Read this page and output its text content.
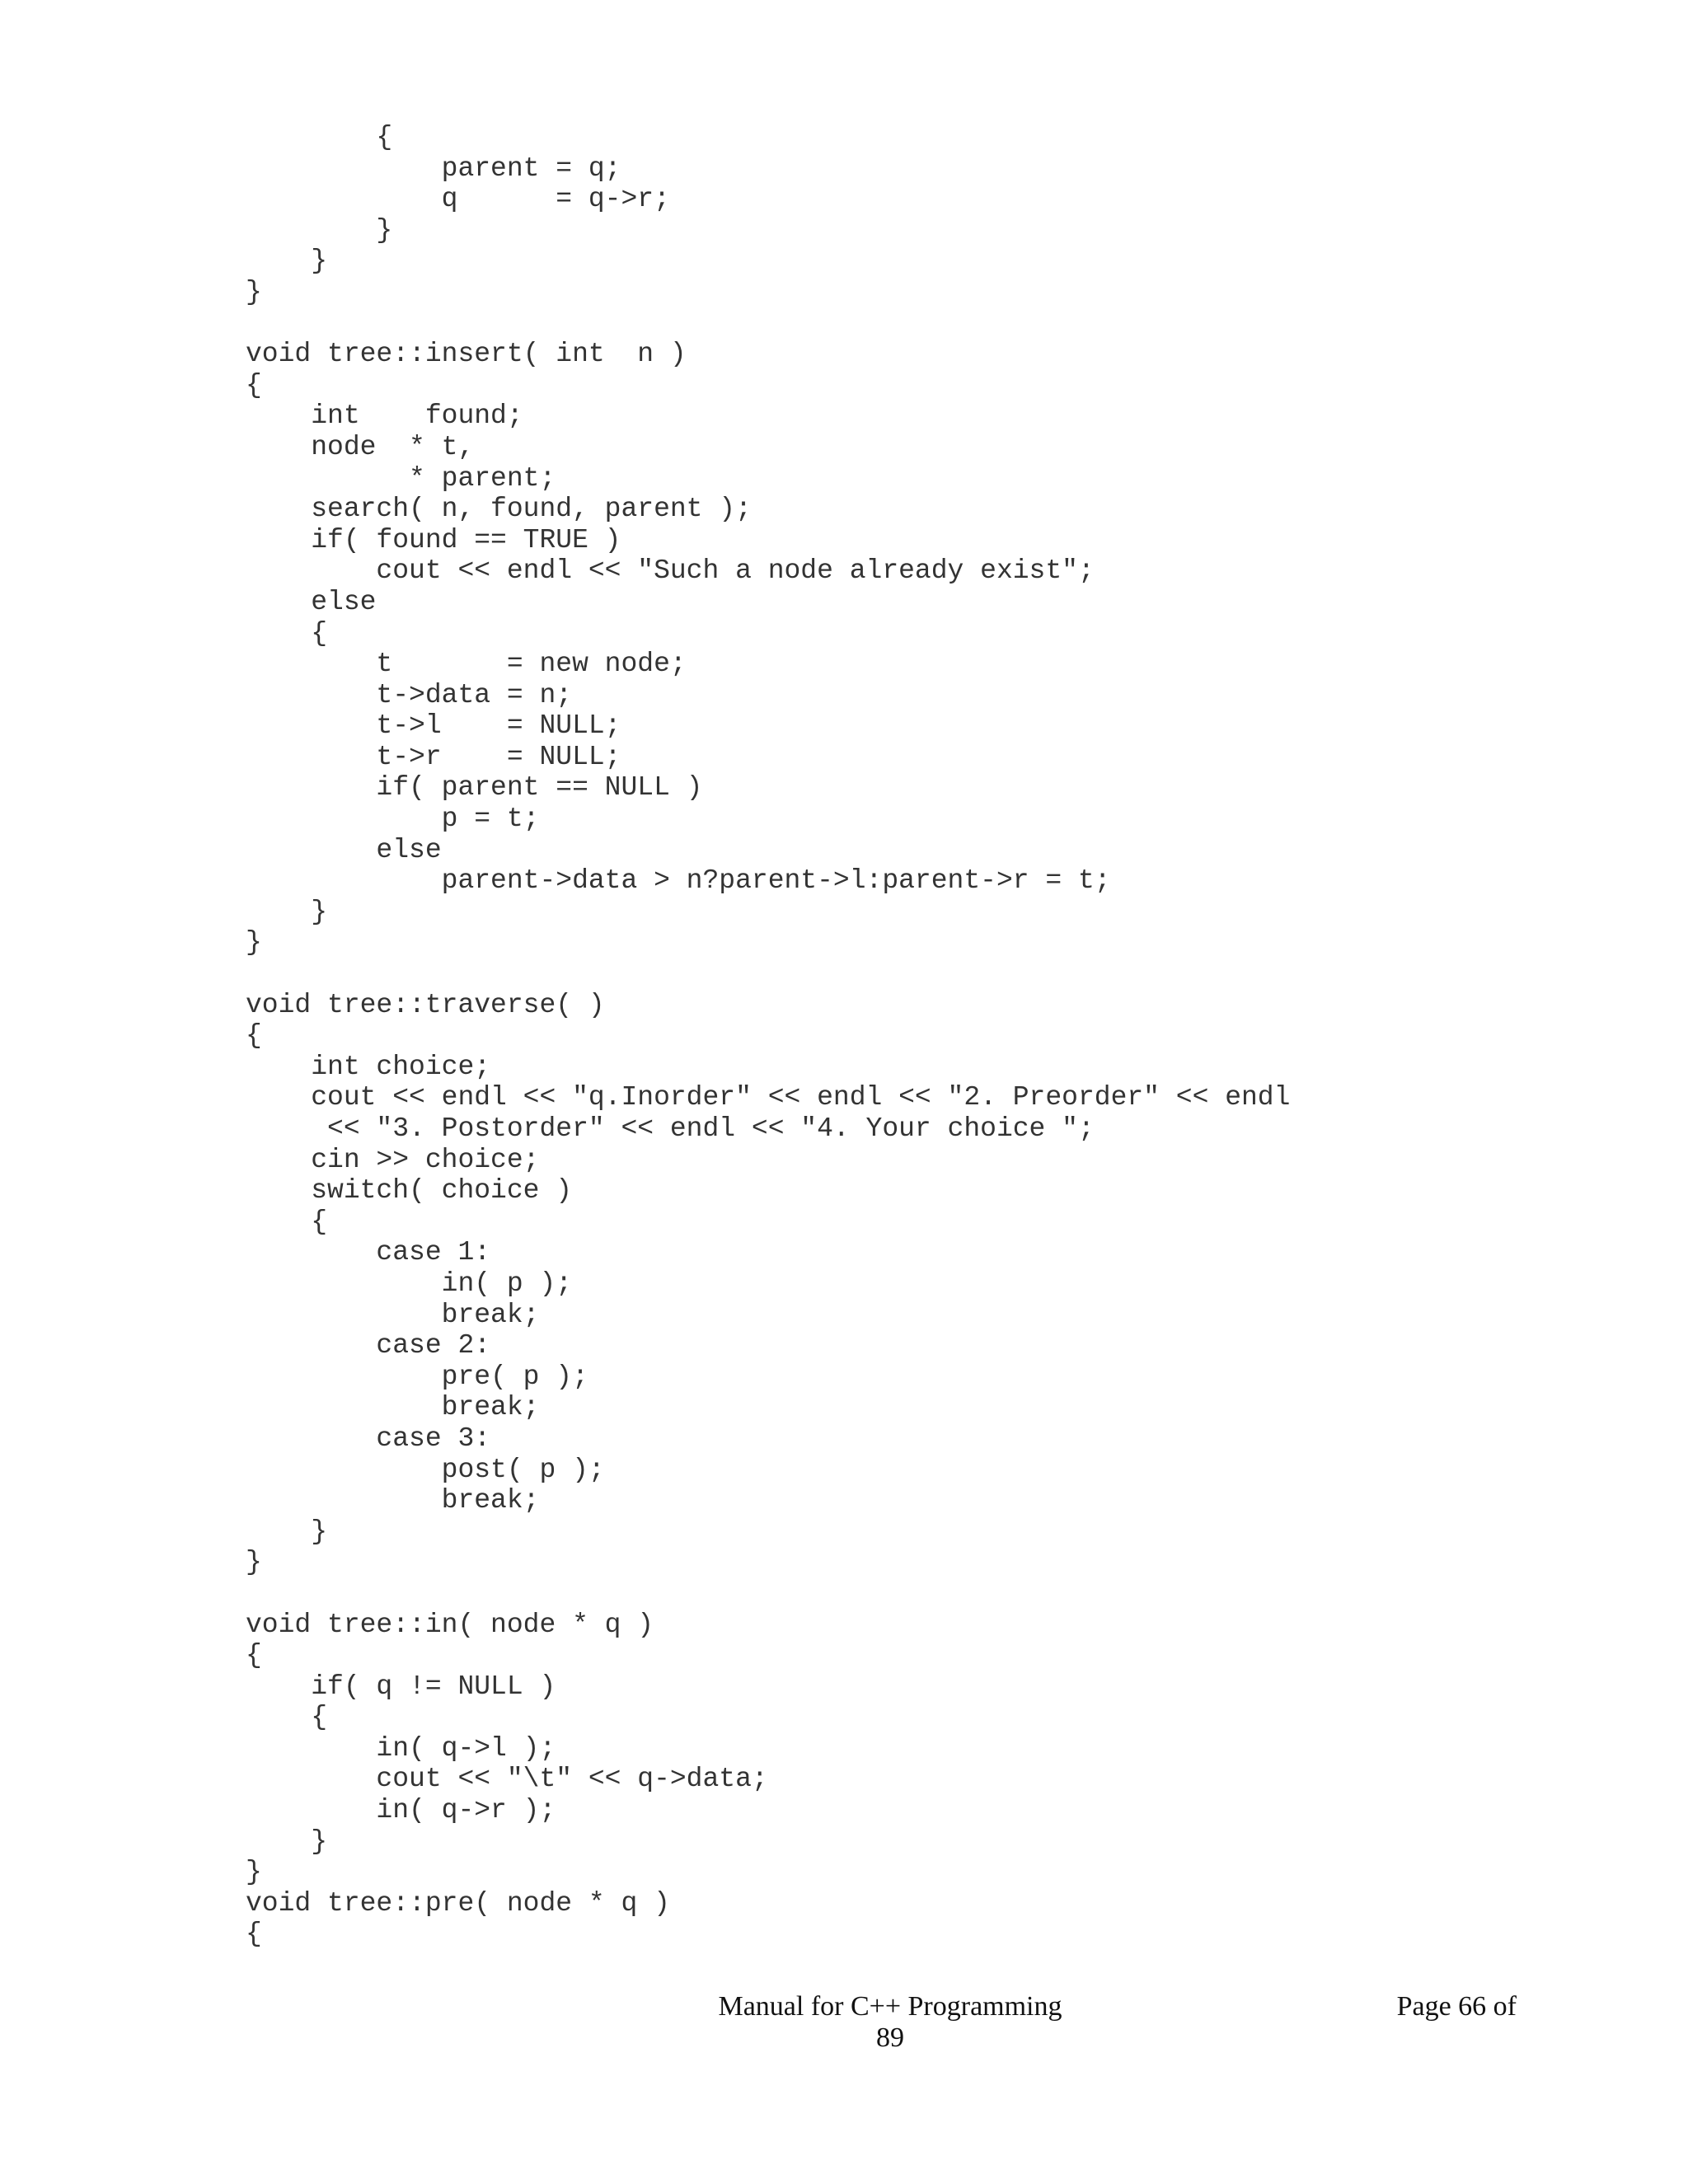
{
parent = q;
q      = q->r;
}
}
}
void tree::insert( int  n )
{
int    found;
node  * t,
* parent;
search( n, found, parent );
if( found == TRUE )
cout << endl << "Such a node already exist";
else
{
t       = new node;
t->data = n;
t->l    = NULL;
t->r    = NULL;
if( parent == NULL )
p = t;
else
parent->data > n?parent->l:parent->r = t;
}
}
void tree::traverse( )
{
int choice;
cout << endl << "q.Inorder" << endl << "2. Preorder" << endl
<< "3. Postorder" << endl << "4. Your choice ";
cin >> choice;
switch( choice )
{
case 1:
in( p );
break;
case 2:
pre( p );
break;
case 3:
post( p );
break;
}
}
void tree::in( node * q )
{
if( q != NULL )
{
in( q->l );
cout << "\t" << q->data;
in( q->r );
}
}
void tree::pre( node * q )
{
Manual for C++ Programming
89
Page 66 of
